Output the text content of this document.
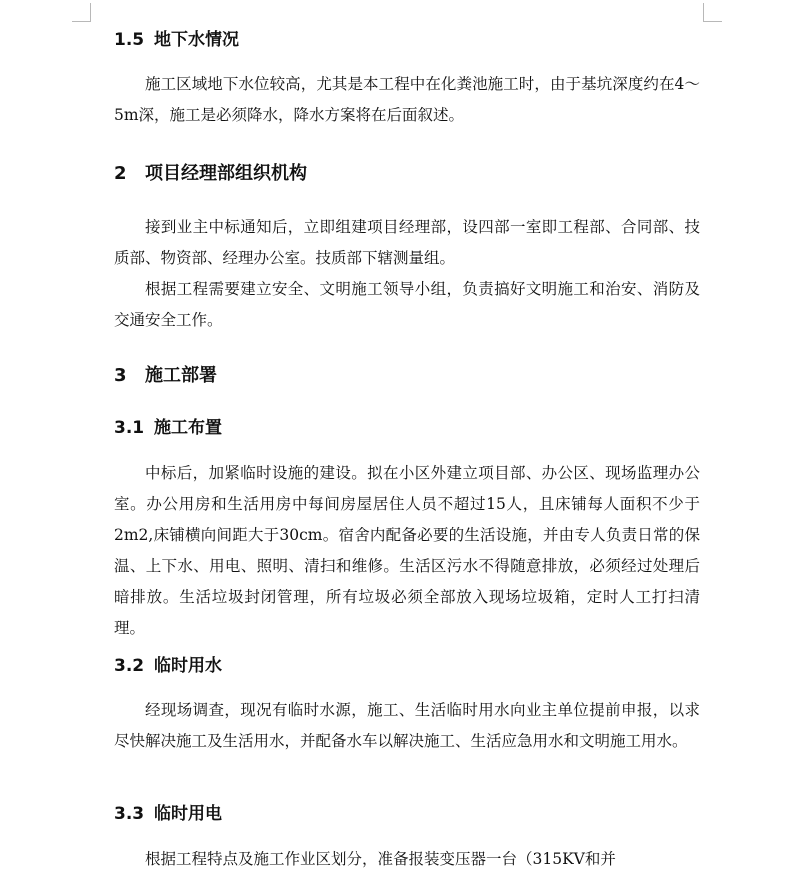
1.5 地下水情况

施工区域地下水位较高，尤其是本工程中在化粪池施工时，由于基坑深度约在4～5m深，施工是必须降水，降水方案将在后面叙述。

2 项目经理部组织机构

接到业主中标通知后，立即组建项目经理部，设四部一室即工程部、合同部、技质部、物资部、经理办公室。技质部下辖测量组。

根据工程需要建立安全、文明施工领导小组，负责搞好文明施工和治安、消防及交通安全工作。

3 施工部署
3.1 施工布置

中标后，加紧临时设施的建设。拟在小区外建立项目部、办公区、现场监理办公室。办公用房和生活用房中每间房屋居住人员不超过15人，且床铺每人面积不少于2m2,床铺横向间距大于30cm。宿舍内配备必要的生活设施，并由专人负责日常的保温、上下水、用电、照明、清扫和维修。生活区污水不得随意排放，必须经过处理后暗排放。生活垃圾封闭管理，所有垃圾必须全部放入现场垃圾箱，定时人工打扫清理。

3.2 临时用水

经现场调查，现况有临时水源，施工、生活临时用水向业主单位提前申报，以求尽快解决施工及生活用水，并配备水车以解决施工、生活应急用水和文明施工用水。

3.3 临时用电

根据工程特点及施工作业区划分，准备报装变压器一台（315KV和并
